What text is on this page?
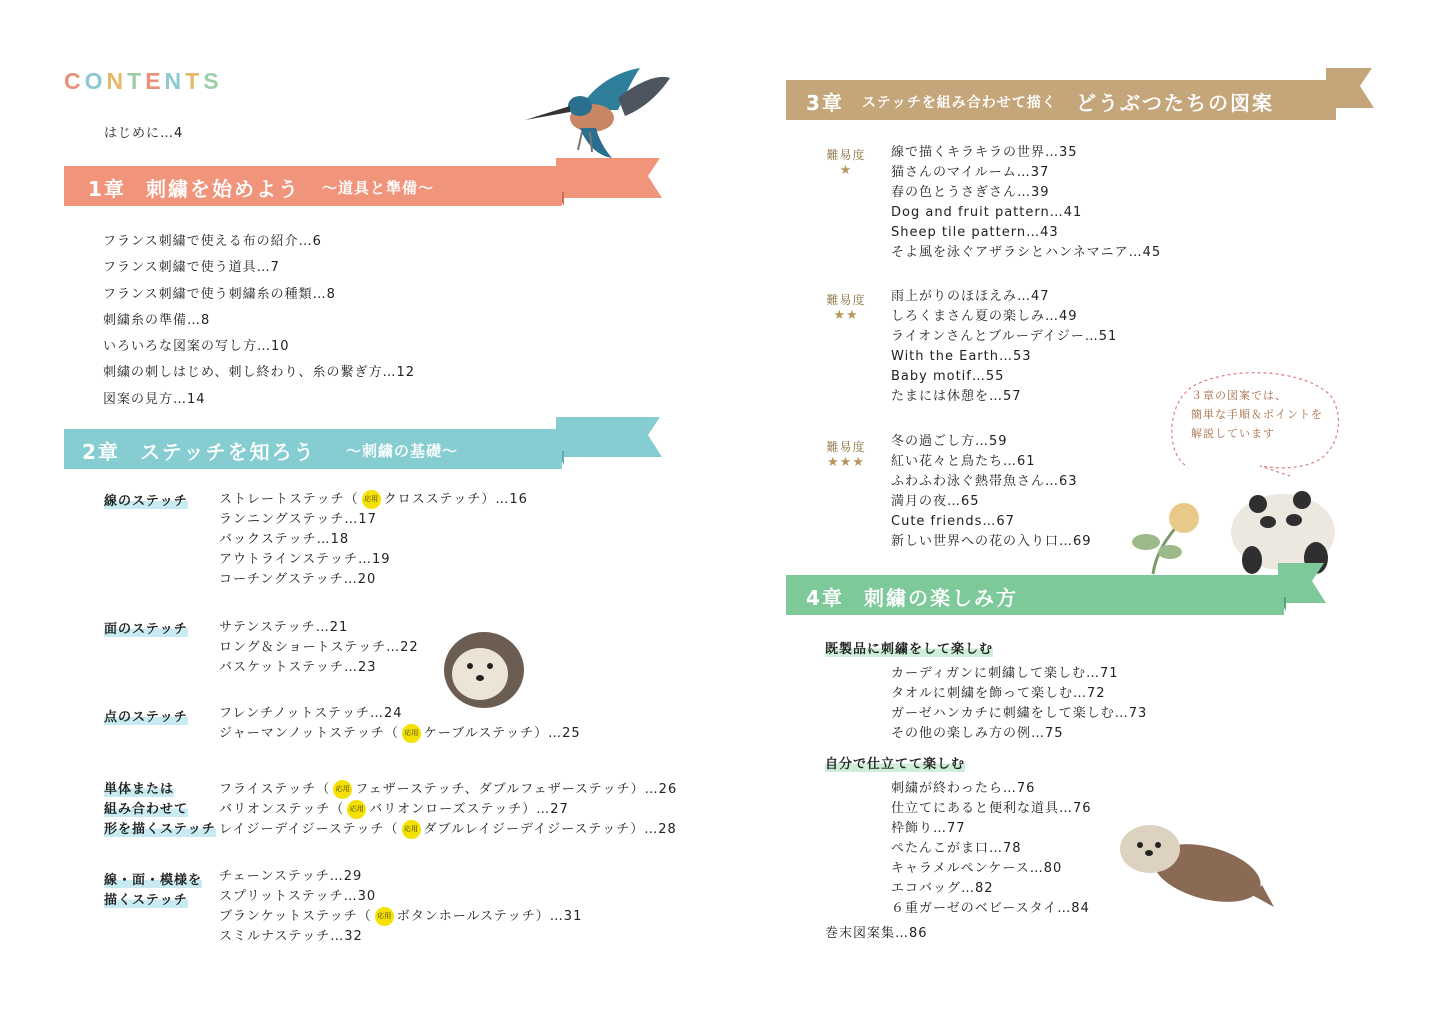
CONTENTS
はじめに…4
1章 刺繍を始めよう 〜道具と準備〜
フランス刺繍で使える布の紹介…6
フランス刺繍で使う道具…7
フランス刺繍で使う刺繍糸の種類…8
刺繍糸の準備…8
いろいろな図案の写し方…10
刺繍の刺しはじめ、刺し終わり、糸の繋ぎ方…12
図案の見方…14
2章 ステッチを知ろう 〜刺繍の基礎〜
線のステッチ ストレートステッチ（ 応用 クロスステッチ）…16
ランニングステッチ…17
バックステッチ…18
アウトラインステッチ…19
コーチングステッチ…20
面のステッチ サテンステッチ…21
ロング＆ショートステッチ…22
バスケットステッチ…23
点のステッチ フレンチノットステッチ…24
ジャーマンノットステッチ（ 応用 ケーブルステッチ）…25
単体または
組み合わせて
形を描くステッチ
フライステッチ（ 応用 フェザーステッチ、ダブルフェザーステッチ）…26
バリオンステッチ（ 応用 バリオンローズステッチ）…27
レイジーデイジーステッチ（ 応用 ダブルレイジーデイジーステッチ）…28
線・面・模様を
描くステッチ
チェーンステッチ…29
スプリットステッチ…30
ブランケットステッチ（ 応用 ボタンホールステッチ）…31
スミルナステッチ…32
3章 ステッチを組み合わせて描く どうぶつたちの図案
難易度
★
線で描くキラキラの世界…35
猫さんのマイルーム…37
春の色とうさぎさん…39
Dog and fruit pattern…41
Sheep tile pattern…43
そよ風を泳ぐアザラシとハンネマニア…45
難易度
★★
雨上がりのほほえみ…47
しろくまさん夏の楽しみ…49
ライオンさんとブルーデイジー…51
With the Earth…53
Baby motif…55
たまには休憩を…57
難易度
★★★
冬の過ごし方…59
紅い花々と鳥たち…61
ふわふわ泳ぐ熱帯魚さん…63
満月の夜…65
Cute friends…67
新しい世界への花の入り口…69
３章の図案では、
簡単な手順＆ポイントを
解説しています
4章 刺繍の楽しみ方
既製品に刺繍をして楽しむ
カーディガンに刺繍して楽しむ…71
タオルに刺繍を飾って楽しむ…72
ガーゼハンカチに刺繍をして楽しむ…73
その他の楽しみ方の例…75
自分で仕立てて楽しむ
刺繍が終わったら…76
仕立てにあると便利な道具…76
枠飾り…77
ぺたんこがま口…78
キャラメルペンケース…80
エコバッグ…82
６重ガーゼのベビースタイ…84
巻末図案集…86
